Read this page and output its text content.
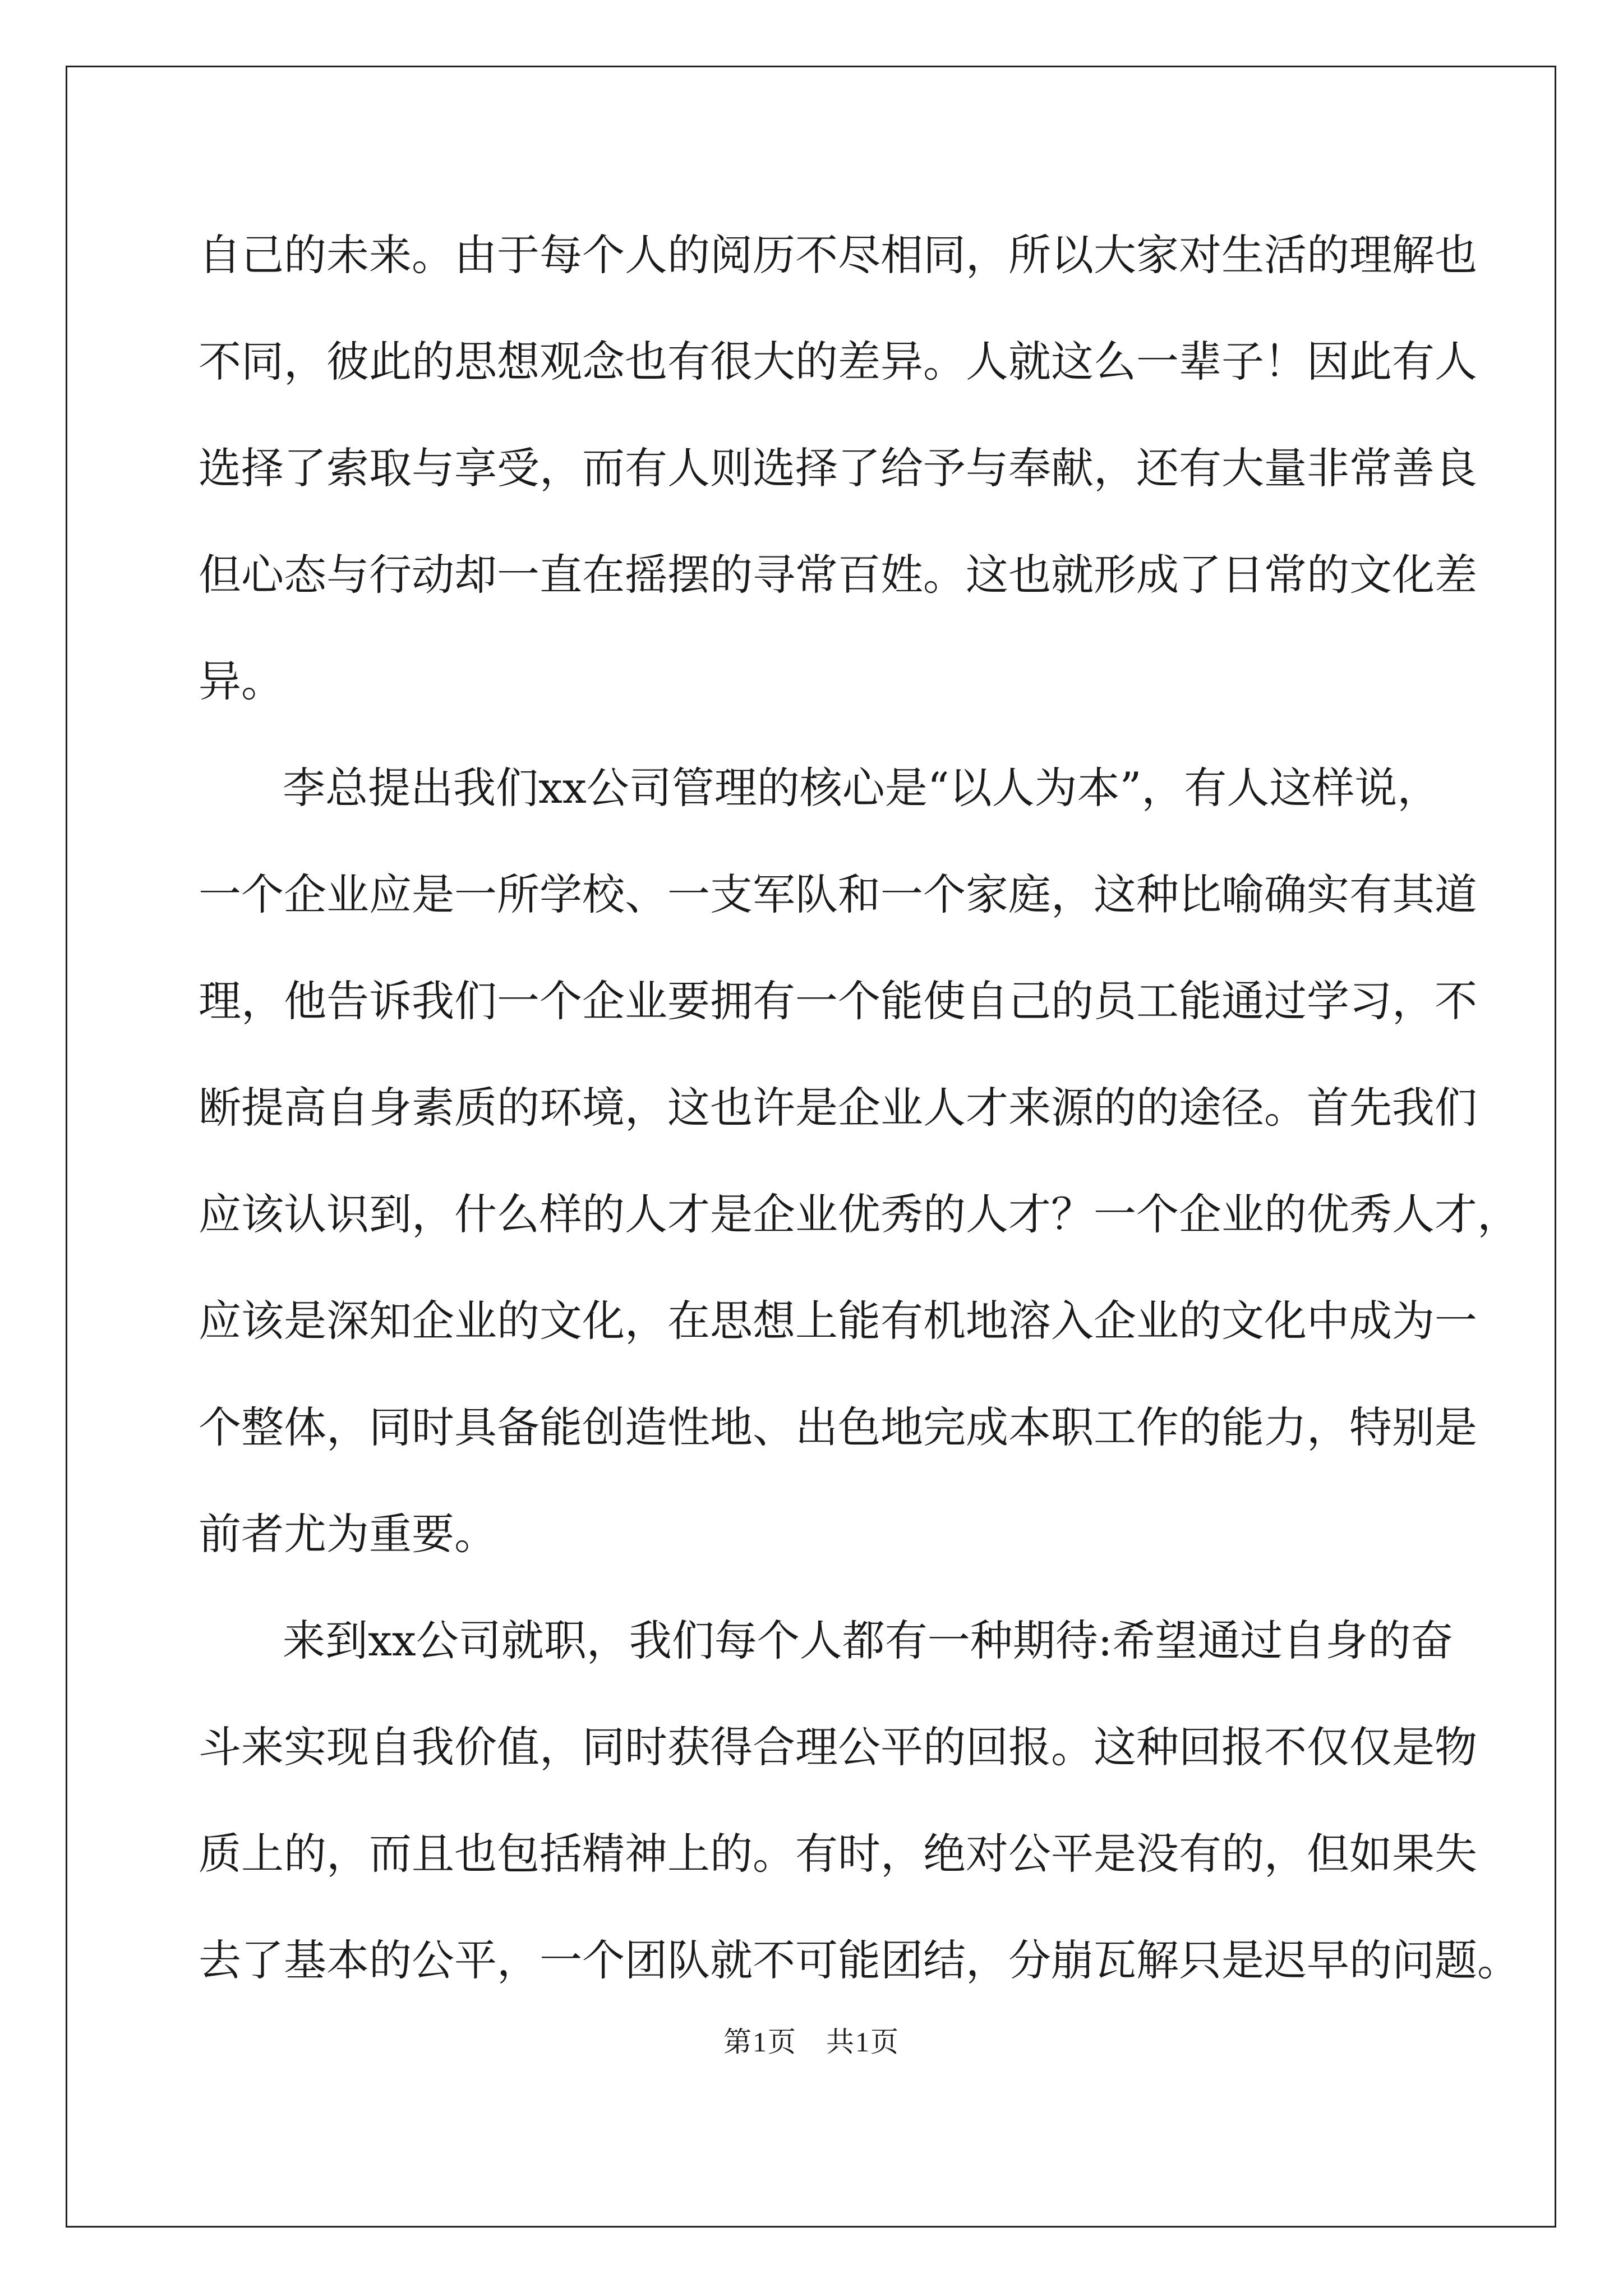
自己的未来。由于每个人的阅历不尽相同，所以大家对生活的理解也
不同，彼此的思想观念也有很大的差异。人就这么一辈子！因此有人
选择了索取与享受，而有人则选择了给予与奉献，还有大量非常善良
但心态与行动却一直在摇摆的寻常百姓。这也就形成了日常的文化差
异。
李总提出我们xx公司管理的核心是“以人为本”，有人这样说，
一个企业应是一所学校、一支军队和一个家庭，这种比喻确实有其道
理，他告诉我们一个企业要拥有一个能使自己的员工能通过学习，不
断提高自身素质的环境，这也许是企业人才来源的的途径。首先我们
应该认识到，什么样的人才是企业优秀的人才？一个企业的优秀人才，
应该是深知企业的文化，在思想上能有机地溶入企业的文化中成为一
个整体，同时具备能创造性地、出色地完成本职工作的能力，特别是
前者尤为重要。
来到xx公司就职，我们每个人都有一种期待:希望通过自身的奋
斗来实现自我价值，同时获得合理公平的回报。这种回报不仅仅是物
质上的，而且也包括精神上的。有时，绝对公平是没有的，但如果失
去了基本的公平，一个团队就不可能团结，分崩瓦解只是迟早的问题。
第1页　共1页
